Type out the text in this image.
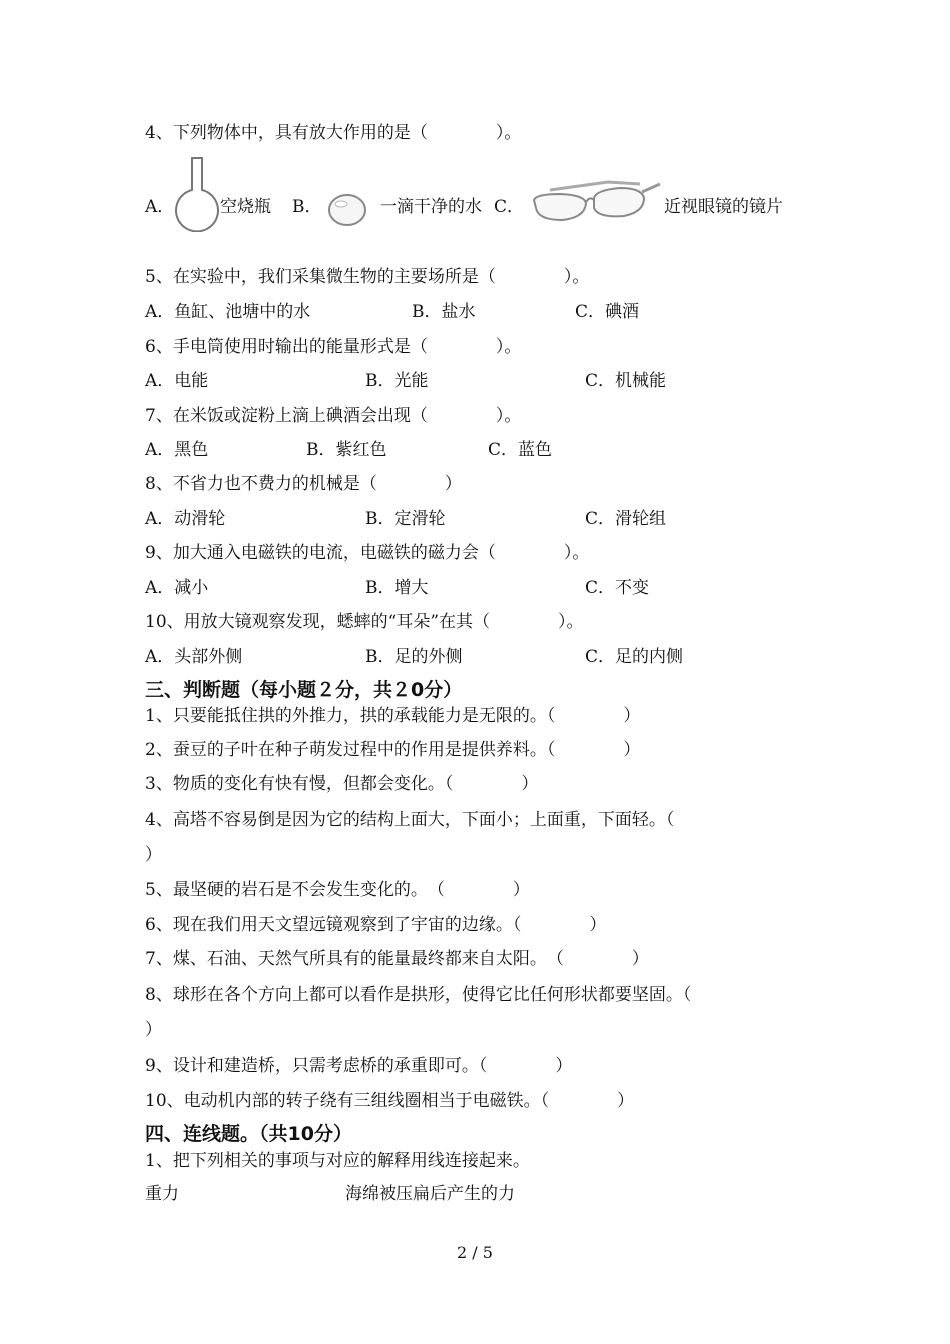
4、下列物体中，具有放大作用的是（　　　　）。
A．	空烧瓶 B．	一滴干净的水 C．	近视眼镜的镜片
5、在实验中，我们采集微生物的主要场所是（　　　　）。
A．鱼缸、池塘中的水	B．盐水	C．碘酒
6、手电筒使用时输出的能量形式是（　　　　）。
A．电能	B．光能	C．机械能
7、在米饭或淀粉上滴上碘酒会出现（　　　　）。
A．黑色	B．紫红色	C．蓝色
8、不省力也不费力的机械是（　　　　）
A．动滑轮	B．定滑轮	C．滑轮组
9、加大通入电磁铁的电流，电磁铁的磁力会（　　　　）。
A．减小	B．增大	C．不变
10、用放大镜观察发现，蟋蟀的“耳朵”在其（　　　　）。
A．头部外侧	B．足的外侧	C．足的内侧
三、判断题（每小题２分，共２0分）
1、只要能抵住拱的外推力，拱的承载能力是无限的。（　　　　）
2、蚕豆的子叶在种子萌发过程中的作用是提供养料。（　　　　）
3、物质的变化有快有慢，但都会变化。（　　　　）
4、高塔不容易倒是因为它的结构上面大，下面小；上面重，下面轻。（
）
5、最坚硬的岩石是不会发生变化的。　（　　　　）
6、现在我们用天文望远镜观察到了宇宙的边缘。（　　　　）
7、煤、石油、天然气所具有的能量最终都来自太阳。　（　　　　）
8、球形在各个方向上都可以看作是拱形，使得它比任何形状都要坚固。（
）
9、设计和建造桥，只需考虑桥的承重即可。（　　　　）
10、电动机内部的转子绕有三组线圈相当于电磁铁。（　　　　）
四、连线题。（共10分）
1、把下列相关的事项与对应的解释用线连接起来。
重力	海绵被压扁后产生的力
2 / 5
